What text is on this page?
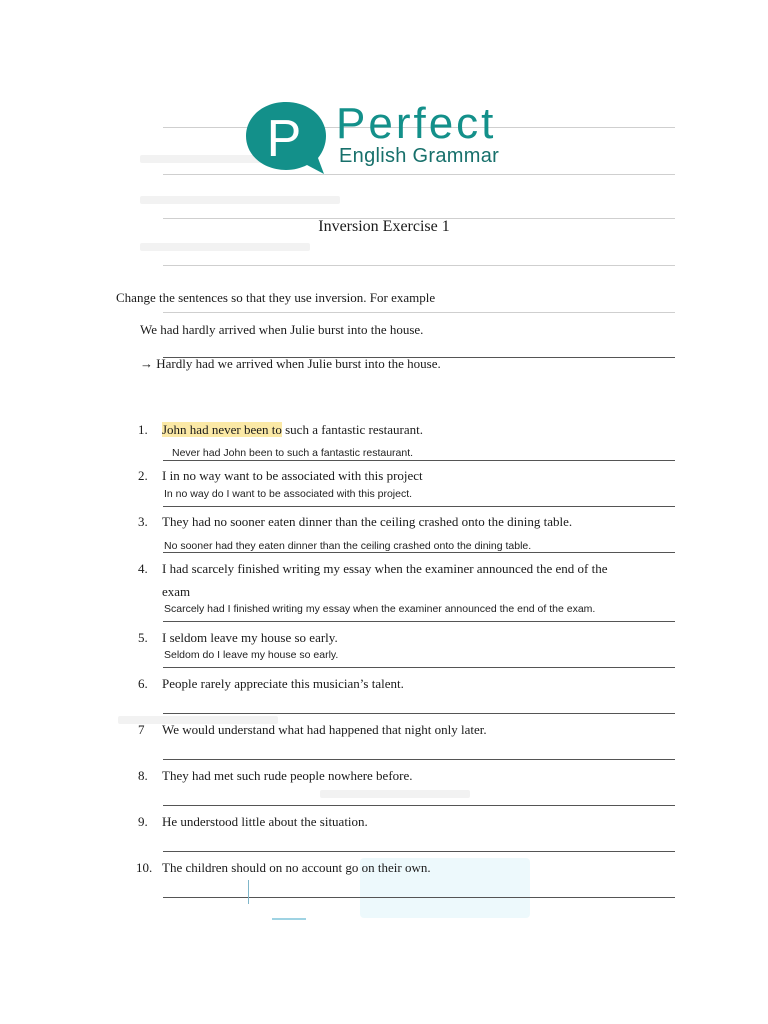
P Perfect
English Grammar
Inversion Exercise 1
Change the sentences so that they use inversion. For example
We had hardly arrived when Julie burst into the house.
→ Hardly had we arrived when Julie burst into the house.
1. John had never been to such a fantastic restaurant.
Never had John been to such a fantastic restaurant.
2. I in no way want to be associated with this project
In no way do I want to be associated with this project.
3. They had no sooner eaten dinner than the ceiling crashed onto the dining table.
No sooner had they eaten dinner than the ceiling crashed onto the dining table.
4. I had scarcely finished writing my essay when the examiner announced the end of the
exam
Scarcely had I finished writing my essay when the examiner announced the end of the exam.
5. I seldom leave my house so early.
Seldom do I leave my house so early.
6. People rarely appreciate this musician’s talent.
7 We would understand what had happened that night only later.
8. They had met such rude people nowhere before.
9. He understood little about the situation.
10. The children should on no account go on their own.
